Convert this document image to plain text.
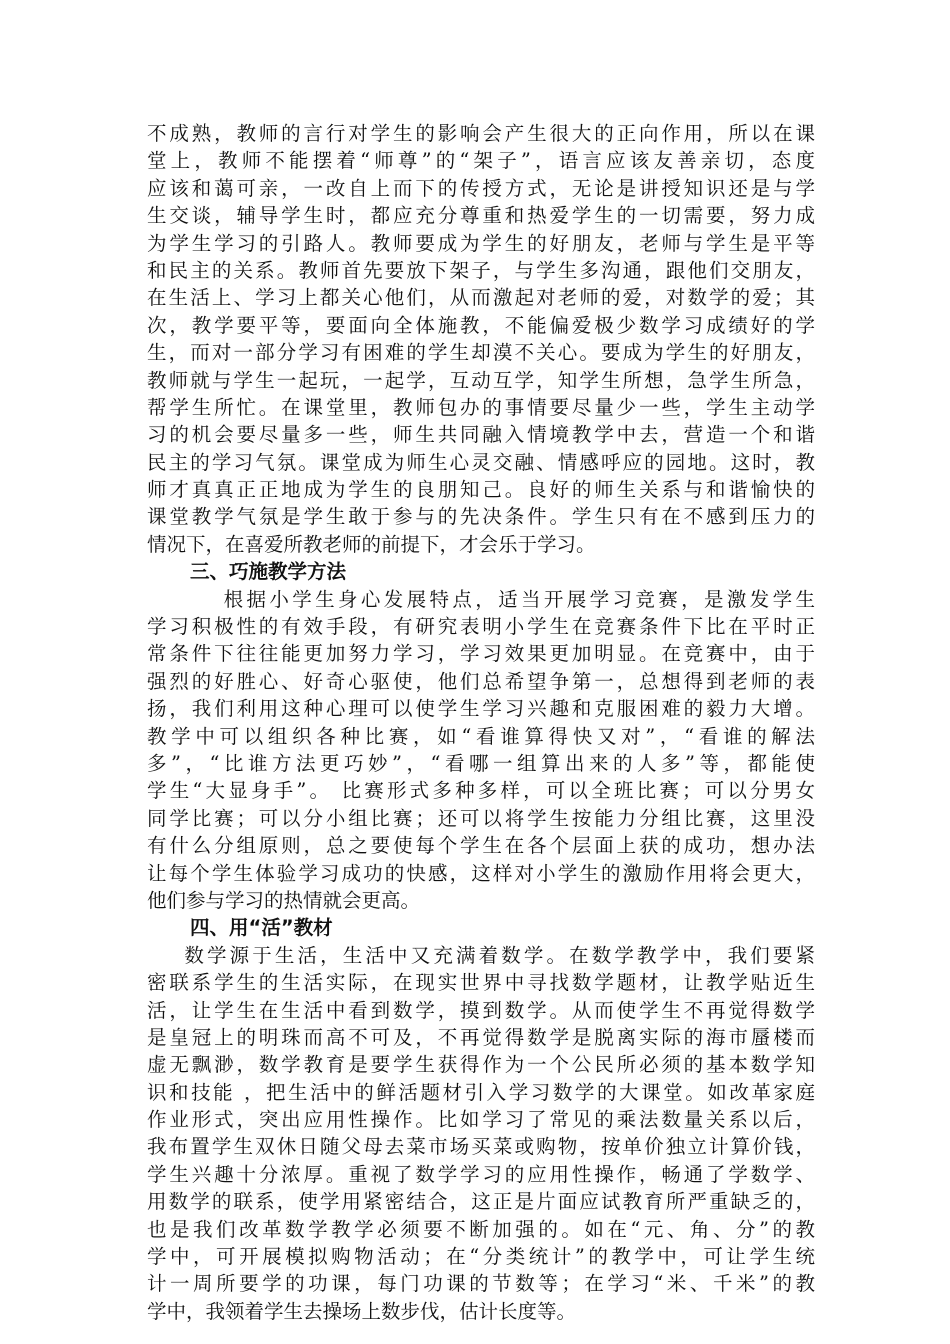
不成熟，教师的言行对学生的影响会产生很大的正向作用，所以在课
堂上，教师不能摆着“师尊”的“架子”，语言应该友善亲切，态度
应该和蔼可亲，一改自上而下的传授方式，无论是讲授知识还是与学
生交谈，辅导学生时，都应充分尊重和热爱学生的一切需要，努力成
为学生学习的引路人。教师要成为学生的好朋友，老师与学生是平等
和民主的关系。教师首先要放下架子，与学生多沟通，跟他们交朋友，
在生活上、学习上都关心他们，从而激起对老师的爱，对数学的爱；其
次，教学要平等，要面向全体施教，不能偏爱极少数学习成绩好的学
生，而对一部分学习有困难的学生却漠不关心。要成为学生的好朋友，
教师就与学生一起玩，一起学，互动互学，知学生所想，急学生所急，
帮学生所忙。在课堂里，教师包办的事情要尽量少一些，学生主动学
习的机会要尽量多一些，师生共同融入情境教学中去，营造一个和谐
民主的学习气氛。课堂成为师生心灵交融、情感呼应的园地。这时，教
师才真真正正地成为学生的良朋知己。良好的师生关系与和谐愉快的
课堂教学气氛是学生敢于参与的先决条件。学生只有在不感到压力的
情况下，在喜爱所教老师的前提下，才会乐于学习。
三、巧施教学方法
根据小学生身心发展特点，适当开展学习竞赛，是激发学生
学习积极性的有效手段，有研究表明小学生在竞赛条件下比在平时正
常条件下往往能更加努力学习，学习效果更加明显。在竞赛中，由于
强烈的好胜心、好奇心驱使，他们总希望争第一，总想得到老师的表
扬，我们利用这种心理可以使学生学习兴趣和克服困难的毅力大增。
教学中可以组织各种比赛，如“看谁算得快又对”，“看谁的解法
多”，“比谁方法更巧妙”，“看哪一组算出来的人多”等，都能使
学生“大显身手”。 比赛形式多种多样，可以全班比赛；可以分男女
同学比赛；可以分小组比赛；还可以将学生按能力分组比赛，这里没
有什么分组原则，总之要使每个学生在各个层面上获的成功，想办法
让每个学生体验学习成功的快感，这样对小学生的激励作用将会更大，
他们参与学习的热情就会更高。
四、用“活”教材
数学源于生活，生活中又充满着数学。在数学教学中，我们要紧
密联系学生的生活实际，在现实世界中寻找数学题材，让教学贴近生
活，让学生在生活中看到数学，摸到数学。从而使学生不再觉得数学
是皇冠上的明珠而高不可及，不再觉得数学是脱离实际的海市蜃楼而
虚无飘渺，数学教育是要学生获得作为一个公民所必须的基本数学知
识和技能 ，把生活中的鲜活题材引入学习数学的大课堂。如改革家庭
作业形式，突出应用性操作。比如学习了常见的乘法数量关系以后，
我布置学生双休日随父母去菜市场买菜或购物，按单价独立计算价钱，
学生兴趣十分浓厚。重视了数学学习的应用性操作，畅通了学数学、
用数学的联系，使学用紧密结合，这正是片面应试教育所严重缺乏的，
也是我们改革数学教学必须要不断加强的。如在“元、角、分”的教
学中，可开展模拟购物活动；在“分类统计”的教学中，可让学生统
计一周所要学的功课，每门功课的节数等；在学习“米、千米”的教
学中，我领着学生去操场上数步伐，估计长度等。
